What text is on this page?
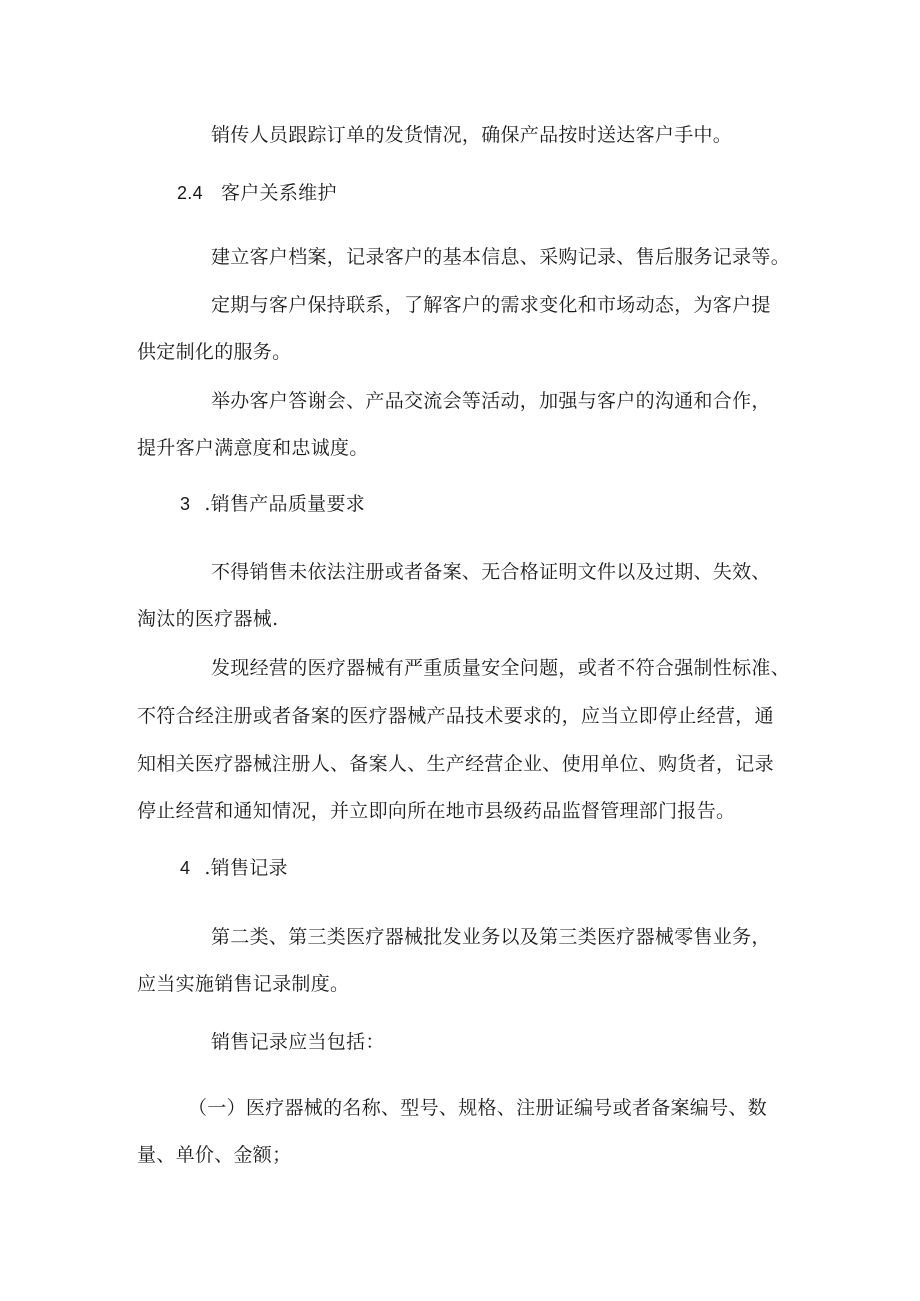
销传人员跟踪订单的发货情况，确保产品按时送达客户手中。
2.4 客户关系维护
建立客户档案，记录客户的基本信息、采购记录、售后服务记录等。
定期与客户保持联系，了解客户的需求变化和市场动态，为客户提
供定制化的服务。
举办客户答谢会、产品交流会等活动，加强与客户的沟通和合作，
提升客户满意度和忠诚度。
3 .销售产品质量要求
不得销售未依法注册或者备案、无合格证明文件以及过期、失效、
淘汰的医疗器械.
发现经营的医疗器械有严重质量安全问题，或者不符合强制性标准、
不符合经注册或者备案的医疗器械产品技术要求的，应当立即停止经营，通
知相关医疗器械注册人、备案人、生产经营企业、使用单位、购货者，记录
停止经营和通知情况，并立即向所在地市县级药品监督管理部门报告。
4 .销售记录
第二类、第三类医疗器械批发业务以及第三类医疗器械零售业务，
应当实施销售记录制度。
销售记录应当包括：
（一）医疗器械的名称、型号、规格、注册证编号或者备案编号、数
量、单价、金额；
